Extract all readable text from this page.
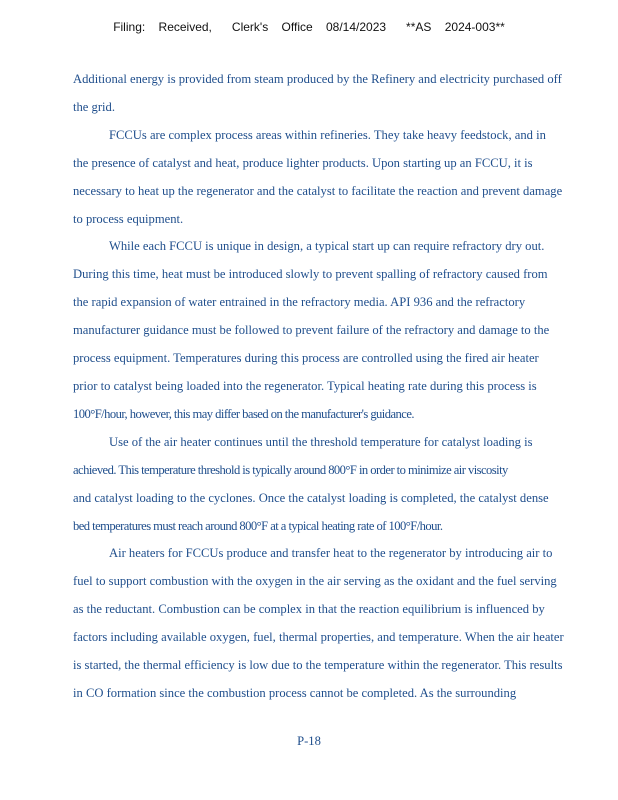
Filing:    Received,      Clerk's    Office    08/14/2023      **AS    2024-003**

Additional energy is provided from steam produced by the Refinery and electricity purchased off
the grid.

FCCUs are complex process areas within refineries. They take heavy feedstock, and in

the presence of catalyst and heat, produce lighter products. Upon starting up an FCCU, it is
necessary to heat up the regenerator and the catalyst to facilitate the reaction and prevent damage
to process equipment.

While each FCCU is unique in design, a typical start up can require refractory dry out.

During this time, heat must be introduced slowly to prevent spalling of refractory caused from
the rapid expansion of water entrained in the refractory media. API 936 and the refractory
manufacturer guidance must be followed to prevent failure of the refractory and damage to the
process equipment. Temperatures during this process are controlled using the fired air heater
prior to catalyst being loaded into the regenerator. Typical heating rate during this process is
100°F/hour, however, this may differ based on the manufacturer's guidance.

Use of the air heater continues until the threshold temperature for catalyst loading is

achieved. This temperature threshold is typically around 800°F in order to minimize air viscosity
and catalyst loading to the cyclones. Once the catalyst loading is completed, the catalyst dense
bed temperatures must reach around 800°F at a typical heating rate of 100°F/hour.

Air heaters for FCCUs produce and transfer heat to the regenerator by introducing air to

fuel to support combustion with the oxygen in the air serving as the oxidant and the fuel serving
as the reductant. Combustion can be complex in that the reaction equilibrium is influenced by
factors including available oxygen, fuel, thermal properties, and temperature. When the air heater
is started, the thermal efficiency is low due to the temperature within the regenerator. This results
in CO formation since the combustion process cannot be completed. As the surrounding

P-18
